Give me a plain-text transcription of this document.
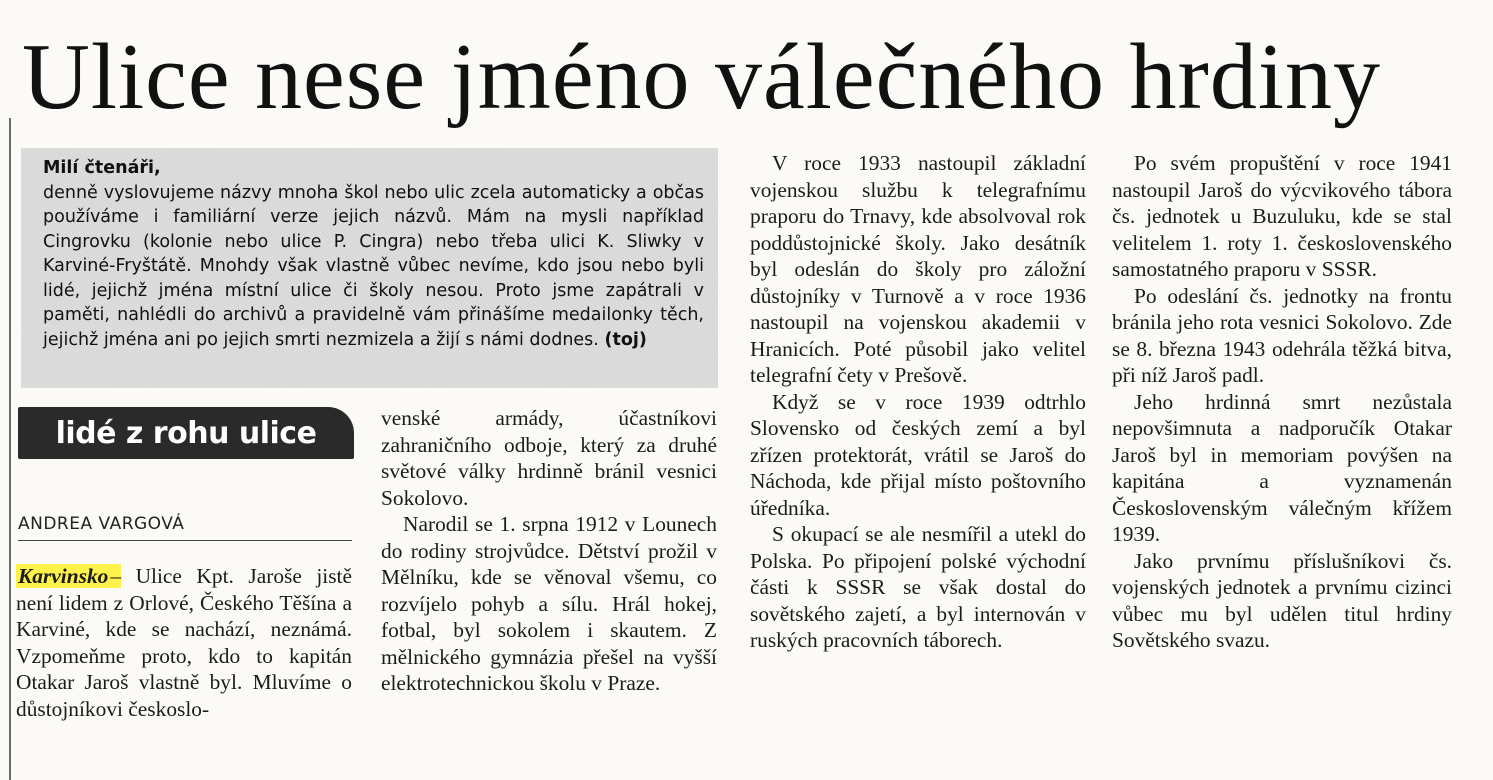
Ulice nese jméno válečného hrdiny
Milí čtenáři,
denně vyslovujeme názvy mnoha škol nebo ulic zcela automaticky a občas používáme i familiární verze jejich názvů. Mám na mysli například Cingrovku (kolonie nebo ulice P. Cingra) nebo třeba ulici K. Sliwky v Karviné-Fryštátě. Mnohdy však vlastně vůbec nevíme, kdo jsou nebo byli lidé, jejichž jména místní ulice či školy nesou. Proto jsme zapátrali v paměti, nahlédli do archivů a pravidelně vám přinášíme medailonky těch, jejichž jména ani po jejich smrti nezmizela a žijí s námi dodnes. (toj)
lidé z rohu ulice
ANDREA VARGOVÁ

Karvinsko– Ulice Kpt. Jaroše jistě není lidem z Orlové, Českého Těšína a Karviné, kde se nachází, neznámá. Vzpomeňme proto, kdo to kapitán Otakar Jaroš vlastně byl. Mluvíme o důstojníkovi českoslo-

venské armády, účastníkovi zahraničního odboje, který za druhé světové války hrdinně bránil vesnici Sokolovo.

Narodil se 1. srpna 1912 v Lounech do rodiny strojvůdce. Dětství prožil v Mělníku, kde se věnoval všemu, co rozvíjelo pohyb a sílu. Hrál hokej, fotbal, byl sokolem i skautem. Z mělnického gymnázia přešel na vyšší elektrotechnickou školu v Praze.

V roce 1933 nastoupil základní vojenskou službu k telegrafnímu praporu do Trnavy, kde absolvoval rok poddůstojnické školy. Jako desátník byl odeslán do školy pro záložní důstojníky v Turnově a v roce 1936 nastoupil na vojenskou akademii v Hranicích. Poté působil jako velitel telegrafní čety v Prešově.

Když se v roce 1939 odtrhlo Slovensko od českých zemí a byl zřízen protektorát, vrátil se Jaroš do Náchoda, kde přijal místo poštovního úředníka.

S okupací se ale nesmířil a utekl do Polska. Po připojení polské východní části k SSSR se však dostal do sovětského zajetí, a byl internován v ruských pracovních táborech.

Po svém propuštění v roce 1941 nastoupil Jaroš do výcvikového tábora čs. jednotek u Buzuluku, kde se stal velitelem 1. roty 1. československého samostatného praporu v SSSR.

Po odeslání čs. jednotky na frontu bránila jeho rota vesnici Sokolovo. Zde se 8. března 1943 odehrála těžká bitva, při níž Jaroš padl.

Jeho hrdinná smrt nezůstala nepovšimnuta a nadporučík Otakar Jaroš byl in memoriam povýšen na kapitána a vyznamenán Československým válečným křížem 1939.

Jako prvnímu příslušníkovi čs. vojenských jednotek a prvnímu cizinci vůbec mu byl udělen titul hrdiny Sovětského svazu.
